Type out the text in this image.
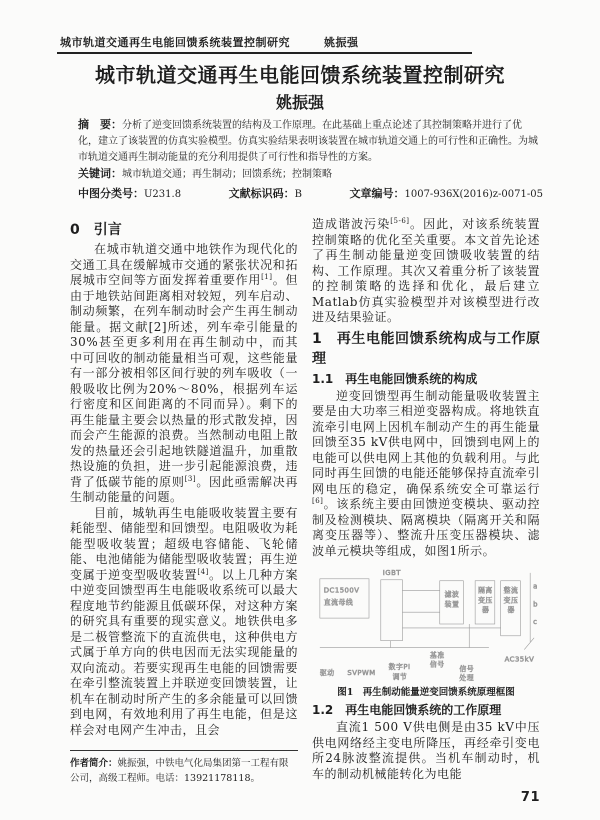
城市轨道交通再生电能回馈系统装置控制研究	姚振强
城市轨道交通再生电能回馈系统装置控制研究
姚振强
摘　要：分析了逆变回馈系统装置的结构及工作原理。在此基础上重点论述了其控制策略并进行了优化，建立了该装置的仿真实验模型。仿真实验结果表明该装置在城市轨道交通上的可行性和正确性。为城市轨道交通再生制动能量的充分利用提供了可行性和指导性的方案。
关键词：城市轨道交通；再生制动；回馈系统；控制策略
中图分类号：U231.8	文献标识码：B	文章编号：1007-936X(2016)z-0071-05
0　引言

在城市轨道交通中地铁作为现代化的交通工具在缓解城市交通的紧张状况和拓展城市空间等方面发挥着重要作用[1]。但由于地铁站间距离相对较短，列车启动、制动频繁，在列车制动时会产生再生制动能量。据文献[2]所述，列车牵引能量的30%甚至更多利用在再生制动中，而其中可回收的制动能量相当可观，这些能量有一部分被相邻区间行驶的列车吸收（一般吸收比例为20%～80%，根据列车运行密度和区间距离的不同而异）。剩下的再生能量主要会以热量的形式散发掉，因而会产生能源的浪费。当然制动电阻上散发的热量还会引起地铁隧道温升，加重散热设施的负担，进一步引起能源浪费，违背了低碳节能的原则[3]。因此亟需解决再生制动能量的问题。

目前，城轨再生电能吸收装置主要有耗能型、储能型和回馈型。电阻吸收为耗能型吸收装置；超级电容储能、飞轮储能、电池储能为储能型吸收装置；再生逆变属于逆变型吸收装置[4]。以上几种方案中逆变回馈型再生电能吸收系统可以最大程度地节约能源且低碳环保，对这种方案的研究具有重要的现实意义。地铁供电多是二极管整流下的直流供电，这种供电方式属于单方向的供电因而无法实现能量的双向流动。若要实现再生电能的回馈需要在牵引整流装置上并联逆变回馈装置，让机车在制动时所产生的多余能量可以回馈到电网，有效地利用了再生电能，但是这样会对电网产生冲击，且会

作者简介：姚振强，中铁电气化局集团第一工程有限公司，高级工程师。电话：13921178118。

造成谐波污染[5-6]。因此，对该系统装置控制策略的优化至关重要。本文首先论述了再生制动能量逆变回馈吸收装置的结构、工作原理。其次又着重分析了该装置的控制策略的选择和优化，最后建立Matlab仿真实验模型并对该模型进行改进及结果验证。

1　再生电能回馈系统构成与工作原理
1.1　再生电能回馈系统的构成

逆变回馈型再生制动能量吸收装置主要是由大功率三相逆变器构成。将地铁直流牵引电网上因机车制动产生的再生能量回馈至35 kV供电网中，回馈到电网上的电能可以供电网上其他的负载利用。与此同时再生回馈的电能还能够保持直流牵引网电压的稳定，确保系统安全可靠运行[6]。该系统主要由回馈逆变模块、驱动控制及检测模块、隔离模块（隔离开关和隔离变压器等）、整流升压变压器模块、滤波单元模块等组成，如图1所示。

IGBT
DC1500V
直流母线
滤波
装置
隔离
变压
器
整流
变压
器
a
b
c
AC35kV
驱动 SVPWM
数字PI
调节
基准
信号
信号
处理
图1　再生制动能量逆变回馈系统原理框图
1.2　再生电能回馈系统的工作原理

直流1 500 V供电侧是由35 kV中压供电网络经主变电所降压，再经牵引变电所24脉波整流提供。当机车制动时，机车的制动机械能转化为电能

71
